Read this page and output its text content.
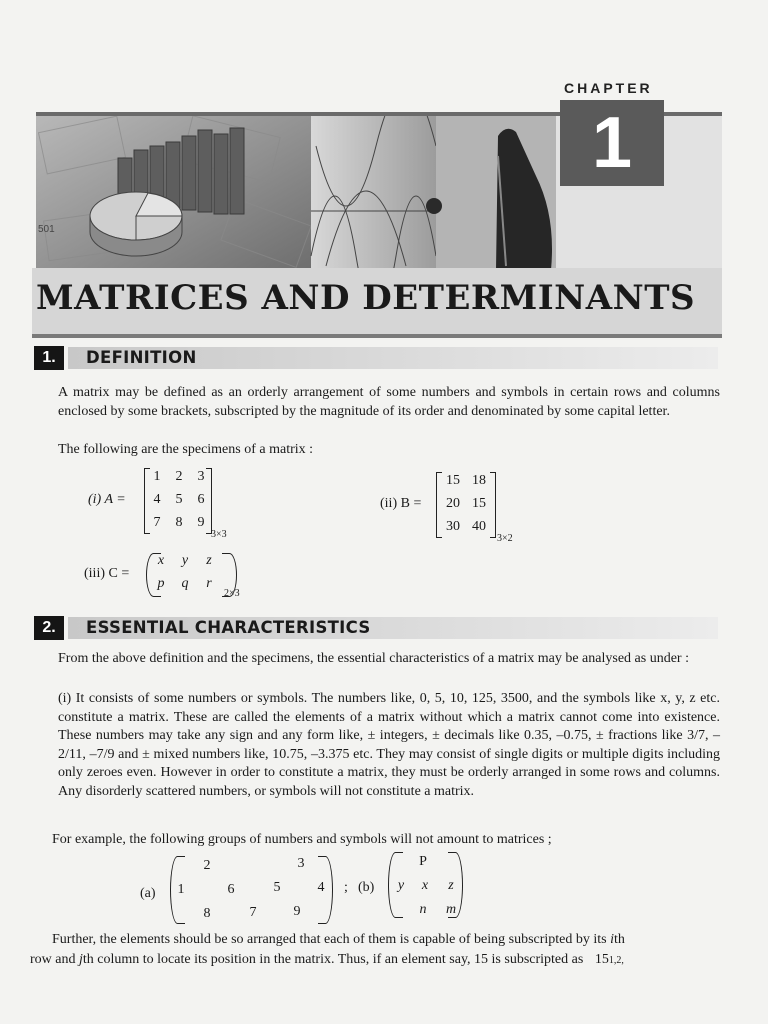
501
CHAPTER
1
MATRICES AND DETERMINANTS
1.	DEFINITION
A matrix may be defined as an orderly arrangement of some numbers and symbols in certain rows and columns enclosed by some brackets, subscripted by the magnitude of its order and denominated by some capital letter.
The following are the specimens of a matrix :
(i) A =
1	2	3
4	5	6
7	8	9
3×3
(ii) B =
15 18
20 15
30 40
3×2
(iii) C =
x	y	z
p	q	r
2×3
2.	ESSENTIAL CHARACTERISTICS
From the above definition and the specimens, the essential characteristics of a matrix may be analysed as under :
(i) It consists of some numbers or symbols. The numbers like, 0, 5, 10, 125, 3500, and the symbols like x, y, z etc. constitute a matrix. These are called the elements of a matrix without which a matrix cannot come into existence. These numbers may take any sign and any form like, ± integers, ± decimals like 0.35, –0.75, ± fractions like 3/7, –2/11, –7/9 and ± mixed numbers like, 10.75, –3.375 etc. They may consist of single digits or multiple digits including only zeroes even. However in order to constitute a matrix, they must be orderly arranged in some rows and columns. Any disorderly scattered numbers, or symbols will not constitute a matrix.
For example, the following groups of numbers and symbols will not amount to matrices ;
(a)
2	3
1	6	5	4
8	7	9
; (b)
P
y	x	z
n	m
Further, the elements should be so arranged that each of them is capable of being subscripted by its ith
row and jth column to locate its position in the matrix. Thus, if an element say, 15 is subscripted as 151,2,
